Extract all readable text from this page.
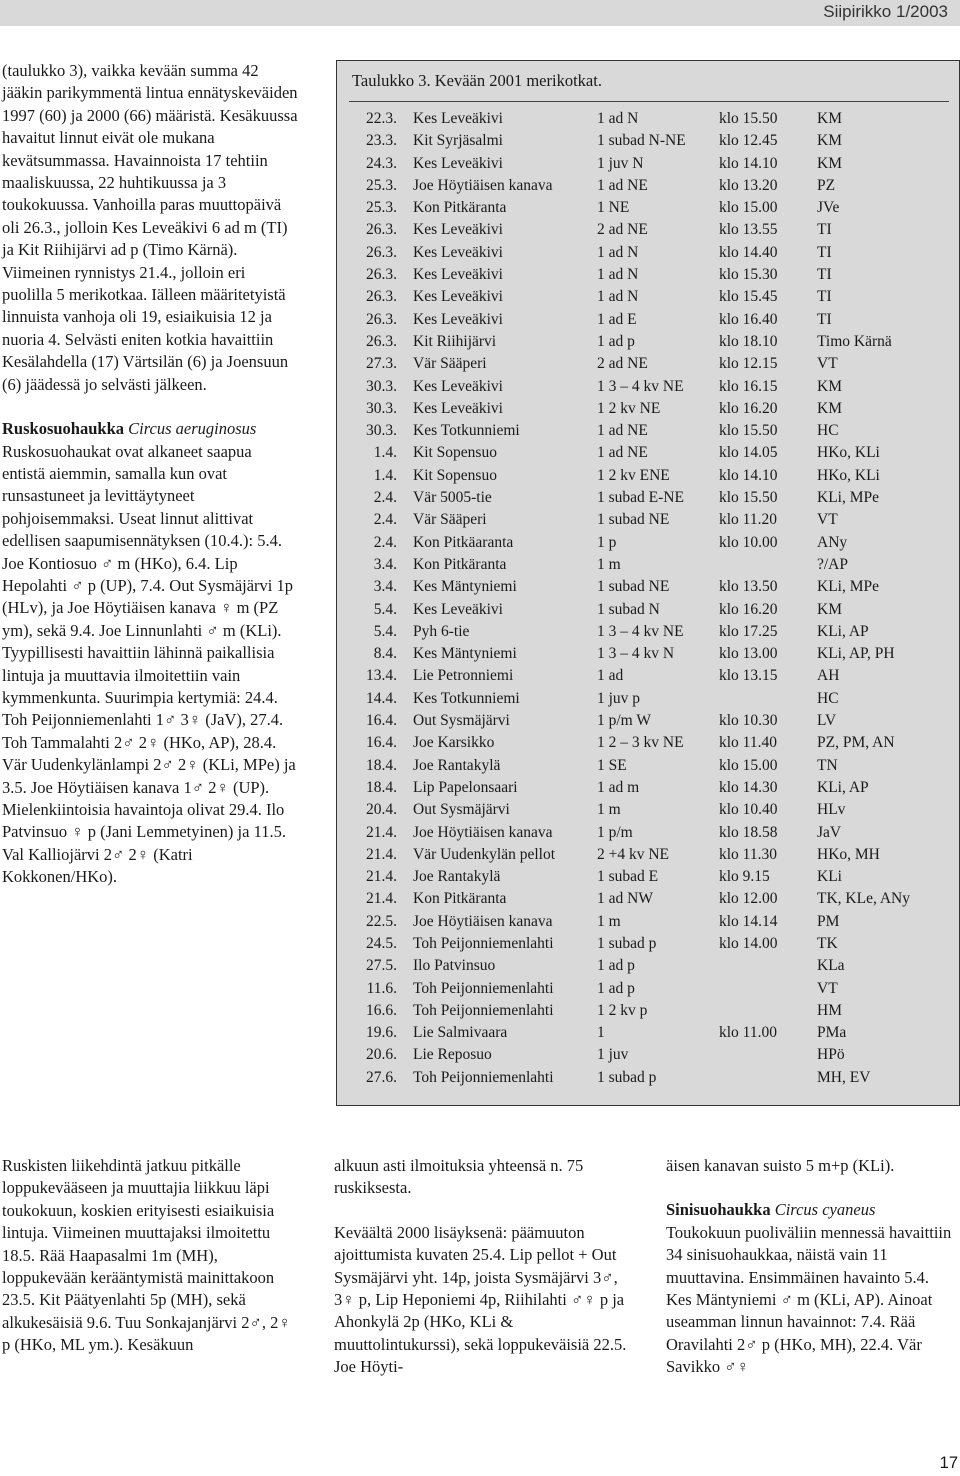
Siipirikko 1/2003

(taulukko 3), vaikka kevään summa 42 jääkin parikymmentä lintua ennätyskeväiden 1997 (60) ja 2000 (66) määristä. Kesäkuussa havaitut linnut eivät ole mukana kevätsummassa. Havainnoista 17 tehtiin maaliskuussa, 22 huhtikuussa ja 3 toukokuussa. Vanhoilla paras muuttopäivä oli 26.3., jolloin Kes Leveäkivi 6 ad m (TI) ja Kit Riihijärvi ad p (Timo Kärnä). Viimeinen rynnistys 21.4., jolloin eri puolilla 5 merikotkaa. Iälleen määritetyistä linnuista vanhoja oli 19, esiaikuisia 12 ja nuoria 4. Selvästi eniten kotkia havaittiin Kesälahdella (17) Värtsilän (6) ja Joensuun (6) jäädessä jo selvästi jälkeen.

Ruskosuohaukka Circus aeruginosus
Ruskosuohaukat ovat alkaneet saapua entistä aiemmin, samalla kun ovat runsastuneet ja levittäytyneet pohjoisemmaksi. Useat linnut alittivat edellisen saapumisennätyksen (10.4.): 5.4. Joe Kontiosuo ♂ m (HKo), 6.4. Lip Hepolahti ♂ p (UP), 7.4. Out Sysmäjärvi 1p (HLv), ja Joe Höytiäisen kanava ♀ m (PZ ym), sekä 9.4. Joe Linnunlahti ♂ m (KLi). Tyypillisesti havaittiin lähinnä paikallisia lintuja ja muuttavia ilmoitettiin vain kymmenkunta. Suurimpia kertymiä: 24.4. Toh Peijonniemenlahti 1♂ 3♀ (JaV), 27.4. Toh Tammalahti 2♂ 2♀ (HKo, AP), 28.4. Vär Uudenkylänlampi 2♂ 2♀ (KLi, MPe) ja 3.5. Joe Höytiäisen kanava 1♂ 2♀ (UP). Mielenkiintoisia havaintoja olivat 29.4. Ilo Patvinsuo ♀ p (Jani Lemmetyinen) ja 11.5. Val Kalliojärvi 2♂ 2♀ (Katri Kokkonen/HKo).

Taulukko 3. Kevään 2001 merikotkat.
22.3.	Kes Leveäkivi	1 ad N	klo 15.50	KM
23.3.	Kit Syrjäsalmi	1 subad N-NE	klo 12.45	KM
24.3.	Kes Leveäkivi	1 juv N	klo 14.10	KM
25.3.	Joe Höytiäisen kanava	1 ad NE	klo 13.20	PZ
25.3.	Kon Pitkäranta	1 NE	klo 15.00	JVe
26.3.	Kes Leveäkivi	2 ad NE	klo 13.55	TI
26.3.	Kes Leveäkivi	1 ad N	klo 14.40	TI
26.3.	Kes Leveäkivi	1 ad N	klo 15.30	TI
26.3.	Kes Leveäkivi	1 ad N	klo 15.45	TI
26.3.	Kes Leveäkivi	1 ad E	klo 16.40	TI
26.3.	Kit Riihijärvi	1 ad p	klo 18.10	Timo Kärnä
27.3.	Vär Sääperi	2 ad NE	klo 12.15	VT
30.3.	Kes Leveäkivi	1 3 – 4 kv NE	klo 16.15	KM
30.3.	Kes Leveäkivi	1 2 kv NE	klo 16.20	KM
30.3.	Kes Totkunniemi	1 ad NE	klo 15.50	HC
1.4.	Kit Sopensuo	1 ad NE	klo 14.05	HKo, KLi
1.4.	Kit Sopensuo	1 2 kv ENE	klo 14.10	HKo, KLi
2.4.	Vär 5005-tie	1 subad E-NE	klo 15.50	KLi, MPe
2.4.	Vär Sääperi	1 subad NE	klo 11.20	VT
2.4.	Kon Pitkäaranta	1 p	klo 10.00	ANy
3.4.	Kon Pitkäranta	1 m		?/AP
3.4.	Kes Mäntyniemi	1 subad NE	klo 13.50	KLi, MPe
5.4.	Kes Leveäkivi	1 subad N	klo 16.20	KM
5.4.	Pyh 6-tie	1 3 – 4 kv NE	klo 17.25	KLi, AP
8.4.	Kes Mäntyniemi	1 3 – 4 kv N	klo 13.00	KLi, AP, PH
13.4.	Lie Petronniemi	1 ad	klo 13.15	AH
14.4.	Kes Totkunniemi	1 juv p		HC
16.4.	Out Sysmäjärvi	1 p/m W	klo 10.30	LV
16.4.	Joe Karsikko	1 2 – 3 kv NE	klo 11.40	PZ, PM, AN
18.4.	Joe Rantakylä	1 SE	klo 15.00	TN
18.4.	Lip Papelonsaari	1 ad m	klo 14.30	KLi, AP
20.4.	Out Sysmäjärvi	1 m	klo 10.40	HLv
21.4.	Joe Höytiäisen kanava	1 p/m	klo 18.58	JaV
21.4.	Vär Uudenkylän pellot	2 +4 kv NE	klo 11.30	HKo, MH
21.4.	Joe Rantakylä	1 subad E	klo 9.15	KLi
21.4.	Kon Pitkäranta	1 ad NW	klo 12.00	TK, KLe, ANy
22.5.	Joe Höytiäisen kanava	1 m	klo 14.14	PM
24.5.	Toh Peijonniemenlahti	1 subad p	klo 14.00	TK
27.5.	Ilo Patvinsuo	1 ad p		KLa
11.6.	Toh Peijonniemenlahti	1 ad p		VT
16.6.	Toh Peijonniemenlahti	1 2 kv p		HM
19.6.	Lie Salmivaara	1	klo 11.00	PMa
20.6.	Lie Reposuo	1 juv		HPö
27.6.	Toh Peijonniemenlahti	1 subad p		MH, EV

Ruskisten liikehdintä jatkuu pitkälle loppukevääseen ja muuttajia liikkuu läpi toukokuun, koskien erityisesti esiaikuisia lintuja. Viimeinen muuttajaksi ilmoitettu 18.5. Rää Haapasalmi 1m (MH), loppukevään kerääntymistä mainittakoon 23.5. Kit Päätyenlahti 5p (MH), sekä alkukesäisiä 9.6. Tuu Sonkajanjärvi 2♂, 2♀ p (HKo, ML ym.). Kesäkuun

alkuun asti ilmoituksia yhteensä n. 75 ruskiksesta.

Keväältä 2000 lisäyksenä: päämuuton ajoittumista kuvaten 25.4. Lip pellot + Out Sysmäjärvi yht. 14p, joista Sysmäjärvi 3♂, 3♀ p, Lip Heponiemi 4p, Riihilahti ♂♀ p ja Ahonkylä 2p (HKo, KLi & muuttolintukurssi), sekä loppukeväisiä 22.5. Joe Höyti-

äisen kanavan suisto 5 m+p (KLi).

Sinisuohaukka Circus cyaneus
Toukokuun puoliväliin mennessä havaittiin 34 sinisuohaukkaa, näistä vain 11 muuttavina. Ensimmäinen havainto 5.4. Kes Mäntyniemi ♂ m (KLi, AP). Ainoat useamman linnun havainnot: 7.4. Rää Oravilahti 2♂ p (HKo, MH), 22.4. Vär Savikko ♂♀

17
